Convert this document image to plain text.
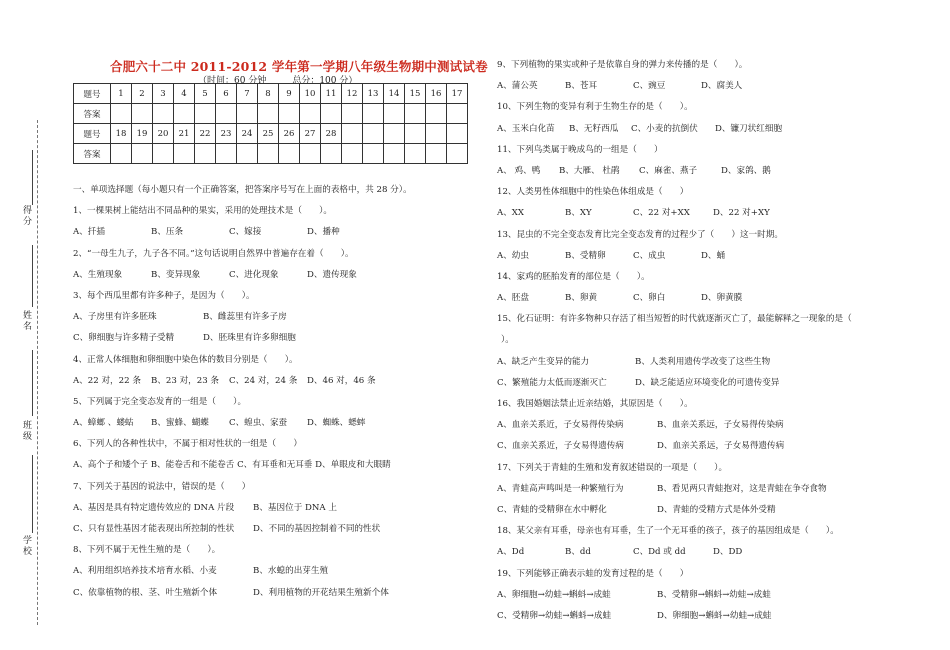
得分
姓名
班级
学校
合肥六十二中 2011-2012 学年第一学期八年级生物期中测试试卷
（时间：60 分钟	总分：100 分）
题号	1	2	3	4	5	6	7	8	9	10	11	12	13	14	15	16	17
答案																	
题号	18	19	20	21	22	23	24	25	26	27	28						
答案																	
一、单项选择题（每小题只有一个正确答案，把答案序号写在上面的表格中，共 28 分）。
1、一棵果树上能结出不同品种的果实，采用的处理技术是（　　）。
A、扦插	B、压条	C、嫁接	D、播种
2、“一母生九子，九子各不同。”这句话说明自然界中普遍存在着（　　）。
A、生殖现象	B、变异现象	C、进化现象	D、遗传现象
3、每个西瓜里都有许多种子，是因为（　　）。
A、子房里有许多胚珠	B、雌蕊里有许多子房
C、卵细胞与许多精子受精	D、胚珠里有许多卵细胞
4、正常人体细胞和卵细胞中染色体的数目分别是（　　）。
A、22 对，22 条 B、23 对，23 条 C、24 对，24 条 D、46 对，46 条
5、下列属于完全变态发育的一组是（　　）。
A、蟑螂 、蝼蛄 B、蜜蜂、蝴蝶 C、蝗虫、家蚕 D、蜘蛛、蟋蟀
6、下列人的各种性状中，不属于相对性状的一组是（　　）
A、高个子和矮个子 B、能卷舌和不能卷舌 C、有耳垂和无耳垂 D、单眼皮和大眼睛
7、下列关于基因的说法中，错误的是（　　）
A、基因是具有特定遗传效应的 DNA 片段 B、基因位于 DNA 上
C、只有显性基因才能表现出所控制的性状 D、不同的基因控制着不同的性状
8、下列不属于无性生殖的是（　　）。
A、利用组织培养技术培育水稻、小麦	B、水螅的出芽生殖
C、依靠植物的根、茎、叶生殖新个体	D、利用植物的开花结果生殖新个体
9、下列植物的果实或种子是依靠自身的弹力来传播的是（　　）。
A、蒲公英	B、苍耳	C、豌豆	D、腐美人
10、下列生物的变异有利于生物生存的是（　　）。
A、玉米白化苗 B、无籽西瓜 C、小麦的抗倒伏 D、镰刀状红细胞
11、下列鸟类属于晚成鸟的一组是（　　）
A、 鸡、鸭 B、大雁、 杜鹃 C、麻雀、燕子	D、家鸽、鹅
12、人类男性体细胞中的性染色体组成是（　　）
A、XX	B、XY	C、22 对+XX	D、22 对+XY
13、昆虫的不完全变态发育比完全变态发育的过程少了（　　）这一时期。
A、幼虫	B、受精卵	C、成虫	D、蛹
14、家鸡的胚胎发育的部位是（　　）。
A、胚盘	B、卵黄	C、卵白	D、卵黄膜
15、化石证明：有许多物种只存活了相当短暂的时代就逐渐灭亡了，最能解释之一现象的是（
）。
A、缺乏产生变异的能力	B、人类利用遗传学改变了这些生物
C、繁殖能力太低而逐渐灭亡	D、缺乏能适应环境变化的可遗传变异
16、我国婚姻法禁止近亲结婚，其原因是（　　）。
A、血亲关系近，子女易得传染病	B、血亲关系远，子女易得传染病
C、血亲关系近，子女易得遗传病	D、血亲关系远，子女易得遗传病
17、下列关于青蛙的生殖和发育叙述错误的一项是（　　）。
A、青蛙高声鸣叫是一种繁殖行为	B、看见两只青蛙抱对，这是青蛙在争夺食物
C、青蛙的受精卵在水中孵化	D、青蛙的受精方式是体外受精
18、某父亲有耳垂，母亲也有耳垂，生了一个无耳垂的孩子，孩子的基因组成是（　　）。
A、Dd	B、dd	C、Dd 或 dd	D、DD
19、下列能够正确表示蛙的发育过程的是（　　）
A、卵细胞→幼蛙→蝌蚪→成蛙	B、受精卵→蝌蚪→幼蛙→成蛙
C、受精卵→幼蛙→蝌蚪→成蛙	D、卵细胞→蝌蚪→幼蛙→成蛙
